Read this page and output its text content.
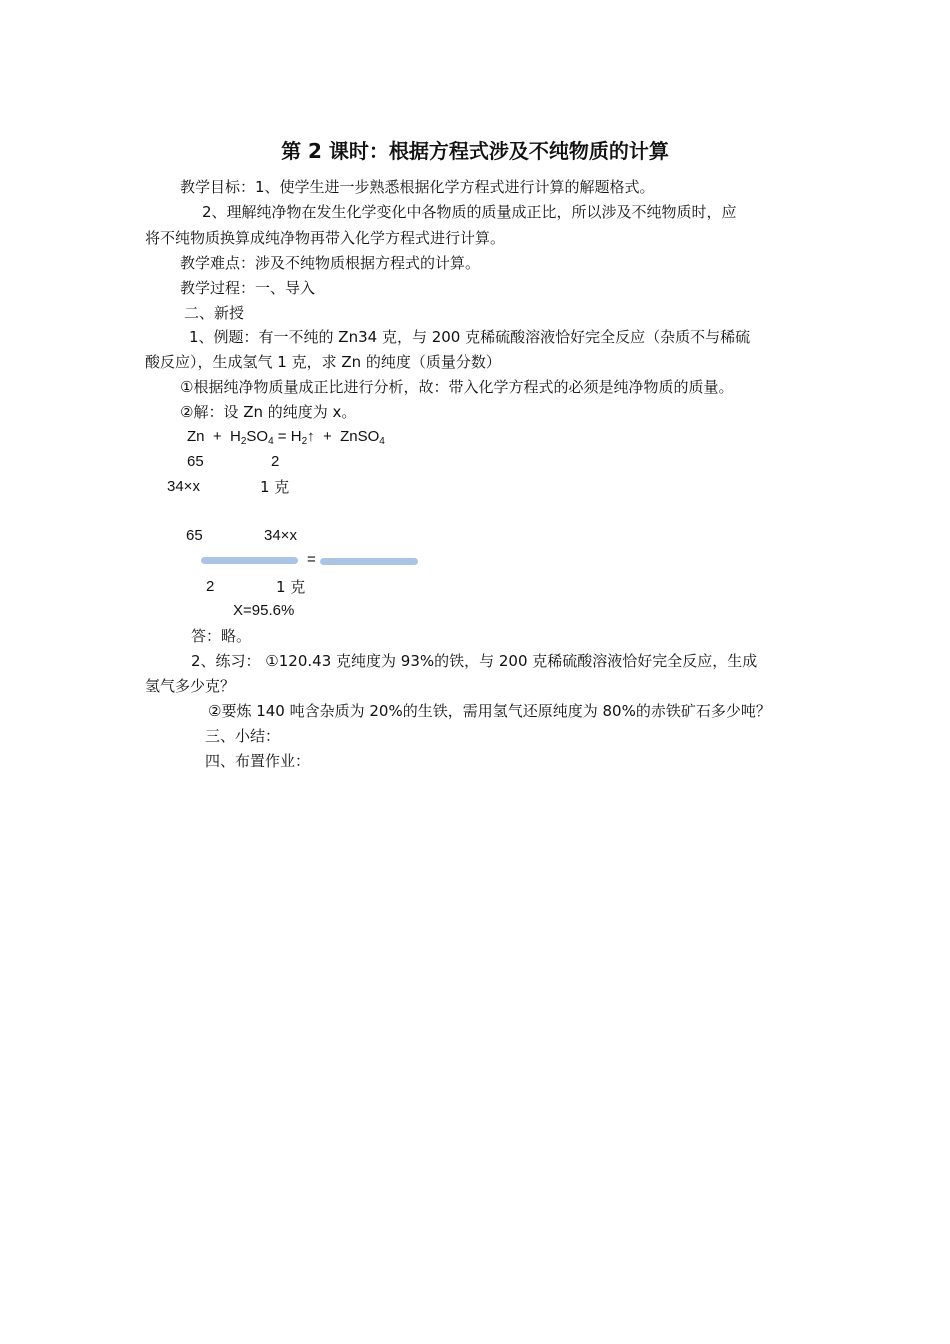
第 2 课时：根据方程式涉及不纯物质的计算
教学目标：1、使学生进一步熟悉根据化学方程式进行计算的解题格式。
2、理解纯净物在发生化学变化中各物质的质量成正比，所以涉及不纯物质时，应
将不纯物质换算成纯净物再带入化学方程式进行计算。
教学难点：涉及不纯物质根据方程式的计算。
教学过程：一、导入
二、新授
1、例题：有一不纯的 Zn34 克，与 200 克稀硫酸溶液恰好完全反应（杂质不与稀硫
酸反应），生成氢气 1 克，求 Zn 的纯度（质量分数）
①根据纯净物质量成正比进行分析，故：带入化学方程式的必须是纯净物质的质量。
②解：设 Zn 的纯度为 x。
$Zn + H_2SO_4$ = $H_2↑$ + ZnSO$_4$
65	2
34×x	1 克
65	34×x
=
2	1 克
X=95.6%
答：略。
2、练习： ①120.43 克纯度为 93%的铁，与 200 克稀硫酸溶液恰好完全反应，生成
氢气多少克？
②要炼 140 吨含杂质为 20%的生铁，需用氢气还原纯度为 80%的赤铁矿石多少吨？
三、小结：
四、布置作业：
